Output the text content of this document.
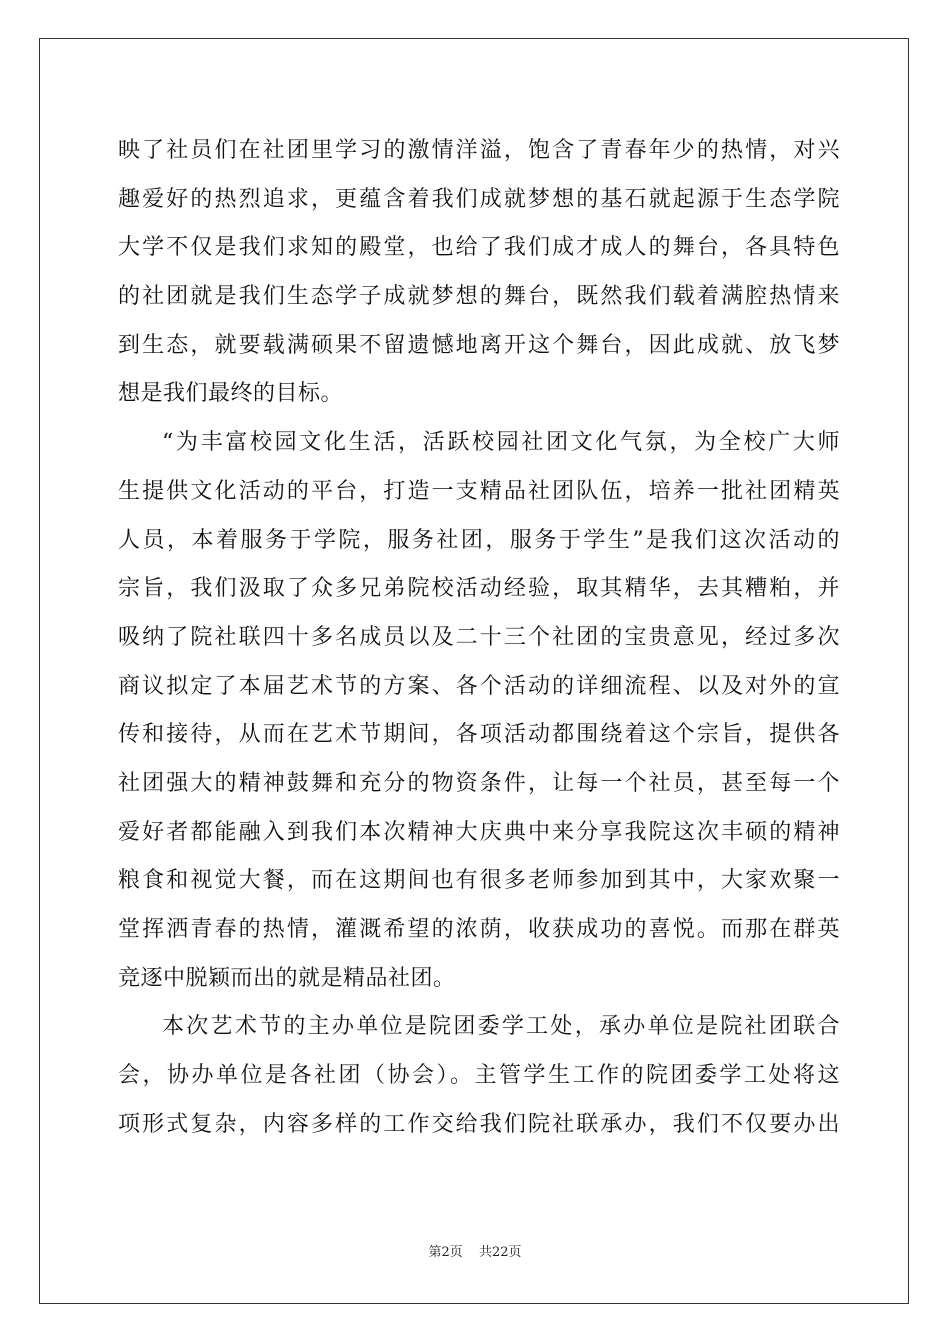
映了社员们在社团里学习的激情洋溢，饱含了青春年少的热情，对兴
趣爱好的热烈追求，更蕴含着我们成就梦想的基石就起源于生态学院
大学不仅是我们求知的殿堂，也给了我们成才成人的舞台，各具特色
的社团就是我们生态学子成就梦想的舞台，既然我们载着满腔热情来
到生态，就要载满硕果不留遗憾地离开这个舞台，因此成就、放飞梦
想是我们最终的目标。
“为丰富校园文化生活，活跃校园社团文化气氛，为全校广大师
生提供文化活动的平台，打造一支精品社团队伍，培养一批社团精英
人员，本着服务于学院，服务社团，服务于学生”是我们这次活动的
宗旨，我们汲取了众多兄弟院校活动经验，取其精华，去其糟粕，并
吸纳了院社联四十多名成员以及二十三个社团的宝贵意见，经过多次
商议拟定了本届艺术节的方案、各个活动的详细流程、以及对外的宣
传和接待，从而在艺术节期间，各项活动都围绕着这个宗旨，提供各
社团强大的精神鼓舞和充分的物资条件，让每一个社员，甚至每一个
爱好者都能融入到我们本次精神大庆典中来分享我院这次丰硕的精神
粮食和视觉大餐，而在这期间也有很多老师参加到其中，大家欢聚一
堂挥洒青春的热情，灌溉希望的浓荫，收获成功的喜悦。而那在群英
竞逐中脱颖而出的就是精品社团。
本次艺术节的主办单位是院团委学工处，承办单位是院社团联合
会，协办单位是各社团（协会）。主管学生工作的院团委学工处将这
项形式复杂，内容多样的工作交给我们院社联承办，我们不仅要办出
第2页 共22页
